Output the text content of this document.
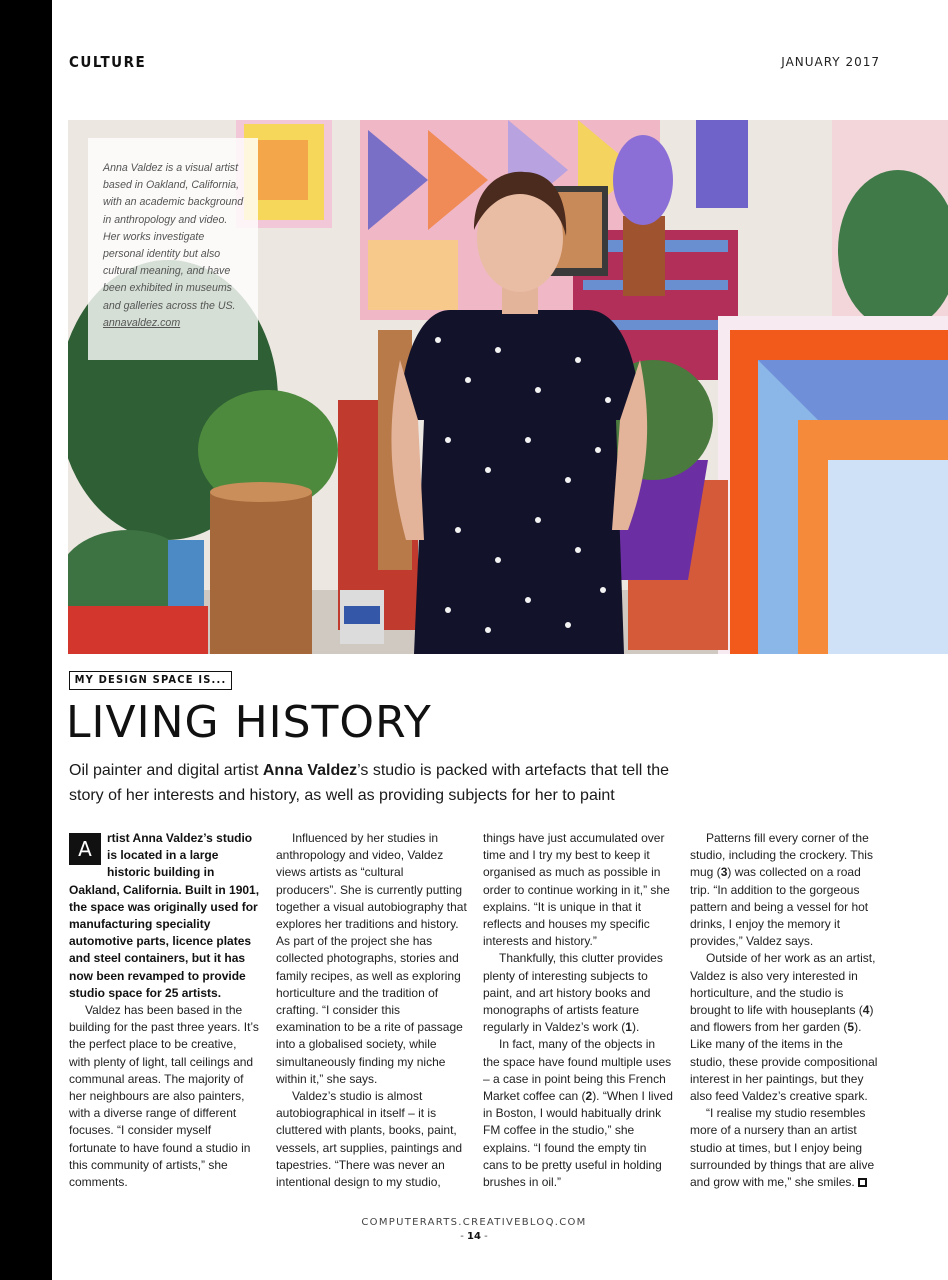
CULTURE	JANUARY 2017
Anna Valdez is a visual artist based in Oakland, California, with an academic background in anthropology and video. Her works investigate personal identity but also cultural meaning, and have been exhibited in museums and galleries across the US.
annavaldez.com
MY DESIGN SPACE IS...
LIVING HISTORY

Oil painter and digital artist Anna Valdez’s studio is packed with artefacts that tell the story of her interests and history, as well as providing subjects for her to paint

A	rtist Anna Valdez’s studio is located in a large historic building in Oakland, California. Built in 1901, the space was originally used for manufacturing speciality automotive parts, licence plates and steel containers, but it has now been revamped to provide studio space for 25 artists.

Valdez has been based in the building for the past three years. It’s the perfect place to be creative, with plenty of light, tall ceilings and communal areas. The majority of her neighbours are also painters, with a diverse range of different focuses. “I consider myself fortunate to have found a studio in this community of artists,” she comments.

Influenced by her studies in anthropology and video, Valdez views artists as “cultural producers”. She is currently putting together a visual autobiography that explores her traditions and history. As part of the project she has collected photographs, stories and family recipes, as well as exploring horticulture and the tradition of crafting. “I consider this examination to be a rite of passage into a globalised society, while simultaneously finding my niche within it,” she says.

Valdez’s studio is almost autobiographical in itself – it is cluttered with plants, books, paint, vessels, art supplies, paintings and tapestries. “There was never an intentional design to my studio,

things have just accumulated over time and I try my best to keep it organised as much as possible in order to continue working in it,” she explains. “It is unique in that it reflects and houses my specific interests and history.”

Thankfully, this clutter provides plenty of interesting subjects to paint, and art history books and monographs of artists feature regularly in Valdez’s work (1).

In fact, many of the objects in the space have found multiple uses – a case in point being this French Market coffee can (2). “When I lived in Boston, I would habitually drink FM coffee in the studio,” she explains. “I found the empty tin cans to be pretty useful in holding brushes in oil.”

Patterns fill every corner of the studio, including the crockery. This mug (3) was collected on a road trip. “In addition to the gorgeous pattern and being a vessel for hot drinks, I enjoy the memory it provides,” Valdez says.

Outside of her work as an artist, Valdez is also very interested in horticulture, and the studio is brought to life with houseplants (4) and flowers from her garden (5). Like many of the items in the studio, these provide compositional interest in her paintings, but they also feed Valdez’s creative spark.

“I realise my studio resembles more of a nursery than an artist studio at times, but I enjoy being surrounded by things that are alive and grow with me,” she smiles.

COMPUTERARTS.CREATIVEBLOQ.COM
- 14 -
